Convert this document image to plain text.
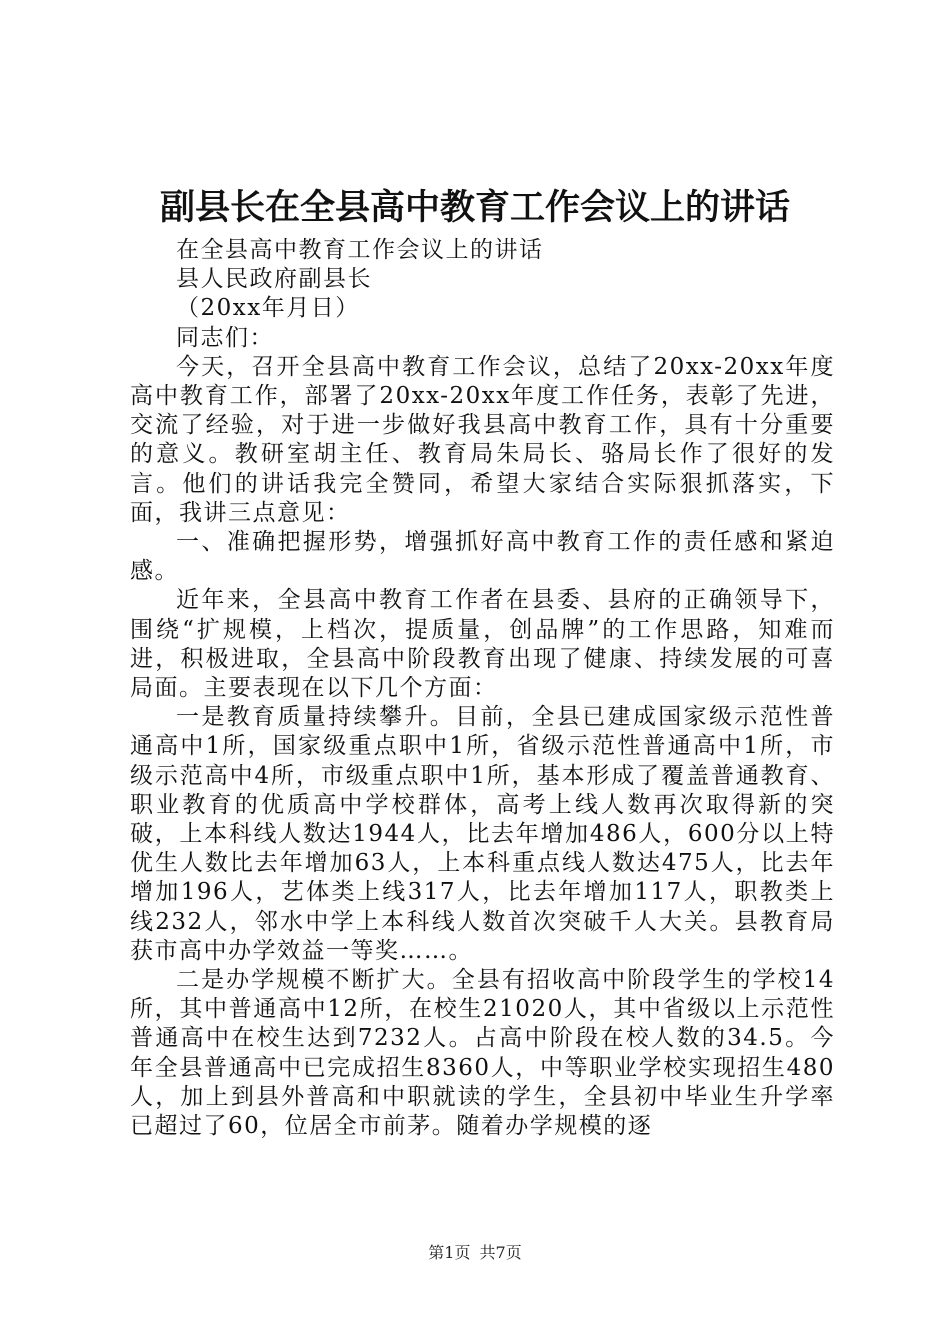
副县长在全县高中教育工作会议上的讲话

在全县高中教育工作会议上的讲话

县人民政府副县长

（20xx年月日）

同志们：

今天，召开全县高中教育工作会议，总结了20xx-20xx年度高中教育工作，部署了20xx-20xx年度工作任务，表彰了先进，交流了经验，对于进一步做好我县高中教育工作，具有十分重要的意义。教研室胡主任、教育局朱局长、骆局长作了很好的发言。他们的讲话我完全赞同，希望大家结合实际狠抓落实，下面，我讲三点意见：

一、准确把握形势，增强抓好高中教育工作的责任感和紧迫感。

近年来，全县高中教育工作者在县委、县府的正确领导下，围绕“扩规模，上档次，提质量，创品牌”的工作思路，知难而进，积极进取，全县高中阶段教育出现了健康、持续发展的可喜局面。主要表现在以下几个方面：

一是教育质量持续攀升。目前，全县已建成国家级示范性普通高中1所，国家级重点职中1所，省级示范性普通高中1所，市级示范高中4所，市级重点职中1所，基本形成了覆盖普通教育、职业教育的优质高中学校群体，高考上线人数再次取得新的突破，上本科线人数达1944人，比去年增加486人，600分以上特优生人数比去年增加63人，上本科重点线人数达475人，比去年增加196人，艺体类上线317人，比去年增加117人，职教类上线232人，邻水中学上本科线人数首次突破千人大关。县教育局获市高中办学效益一等奖……。

二是办学规模不断扩大。全县有招收高中阶段学生的学校14所，其中普通高中12所，在校生21020人，其中省级以上示范性普通高中在校生达到7232人。占高中阶段在校人数的34.5。今年全县普通高中已完成招生8360人，中等职业学校实现招生480人，加上到县外普高和中职就读的学生，全县初中毕业生升学率已超过了60，位居全市前茅。随着办学规模的逐

第1页 共7页
